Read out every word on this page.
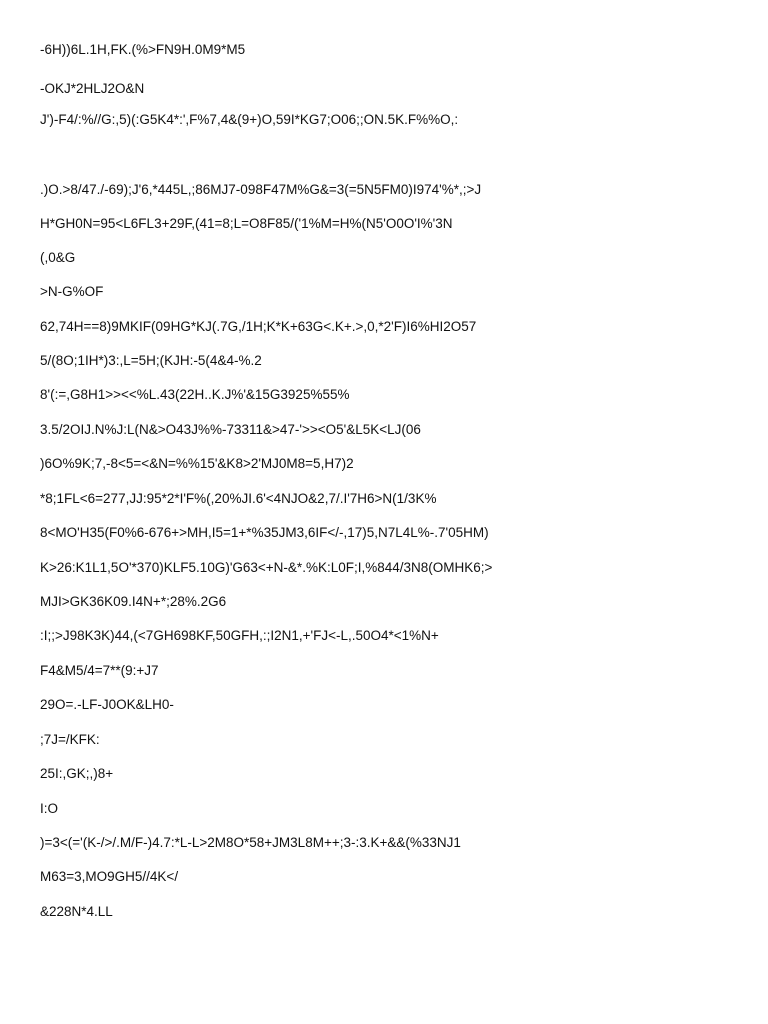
-6H))6L.1H,FK.(%>FN9H.0M9*M5
-OKJ*2HLJ2O&N
J')-F4/:%//G:,5)(:G5K4*:',F%7,4&(9+)O,59I*KG7;O06;;ON.5K.F%%O,:
.)O.>8/47./-69);J'6,*445L,;86MJ7-098F47M%G&=3(=5N5FM0)I974'%*,;>J
H*GH0N=95<L6FL3+29F,(41=8;L=O8F85/('1%M=H%(N5'O0O'I%'3N
(,0&G
>N-G%OF
62,74H==8)9MKIF(09HG*KJ(.7G,/1H;K*K+63G<.K+.>,0,*2'F)I6%HI2O57
5/(8O;1IH*)3:,L=5H;(KJH:-5(4&4-%.2
8'(:=,G8H1>><<%L.43(22H..K.J%'&15G3925%55%
3.5/2OIJ.N%J:L(N&>O43J%%-73311&>47-'>><O5'&L5K<LJ(06
)6O%9K;7,-8<5=<&N=%%15'&K8>2'MJ0M8=5,H7)2
*8;1FL<6=277,JJ:95*2*I'F%(,20%JI.6'<4NJO&2,7/.I'7H6>N(1/3K%
8<MO'H35(F0%6-676+>MH,I5=1+*%35JM3,6IF</-,17)5,N7L4L%-.7'05HM)
K>26:K1L1,5O'*370)KLF5.10G)'G63<+N-&*.%K:L0F;I,%844/3N8(OMHK6;>
MJI>GK36K09.I4N+*;28%.2G6
:I;;>J98K3K)44,(<7GH698KF,50GFH,:;I2N1,+'FJ<-L,.50O4*<1%N+
F4&M5/4=7**(9:+J7
29O=.-LF-J0OK&LH0-
;7J=/KFK:
25I:,GK;,)8+
I:O
)=3<(='(K-/>/.M/F-)4.7:*L-L>2M8O*58+JM3L8M++;3-:3.K+&&(%33NJ1
M63=3,MO9GH5//4K</
&228N*4.LL
